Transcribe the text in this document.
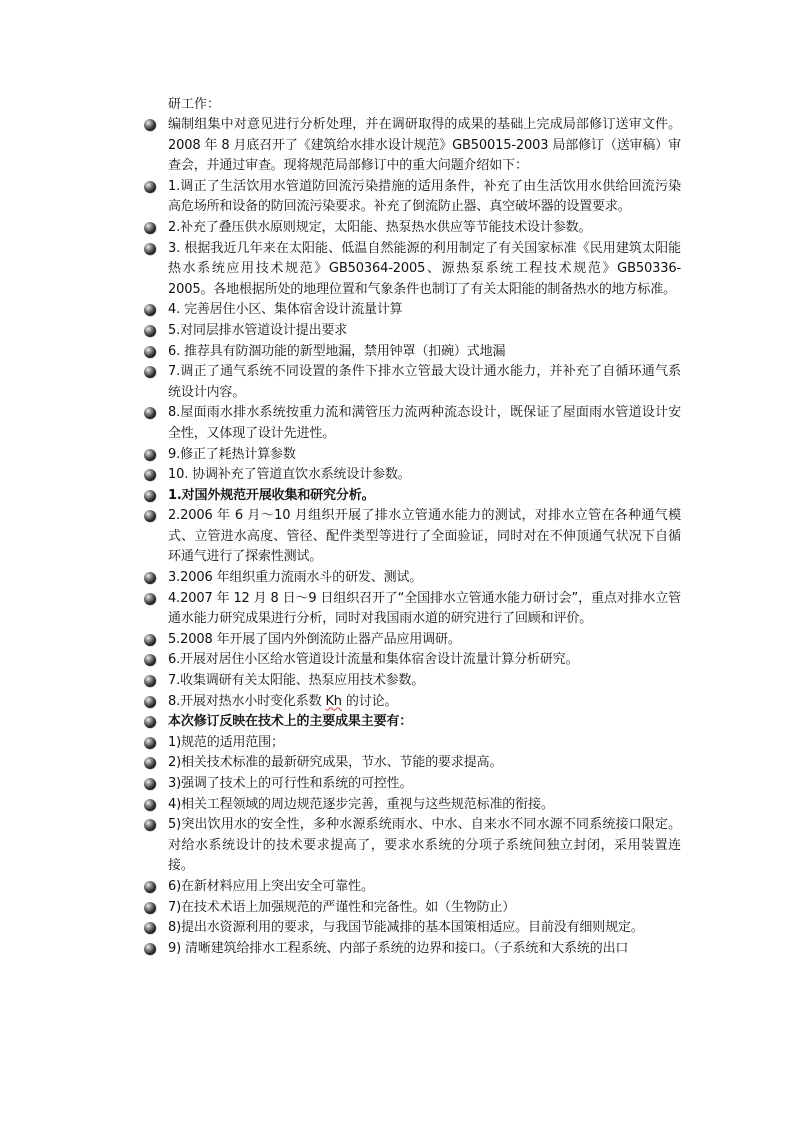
研工作：
编制组集中对意见进行分析处理，并在调研取得的成果的基础上完成局部修订送审文件。2008 年 8 月底召开了《建筑给水排水设计规范》GB50015-2003 局部修订（送审稿）审查会，并通过审查。现将规范局部修订中的重大问题介绍如下：
1.调正了生活饮用水管道防回流污染措施的适用条件，补充了由生活饮用水供给回流污染高危场所和设备的防回流污染要求。补充了倒流防止器、真空破坏器的设置要求。
2.补充了叠压供水原则规定，太阳能、热泵热水供应等节能技术设计参数。
3. 根据我近几年来在太阳能、低温自然能源的利用制定了有关国家标准《民用建筑太阳能热水系统应用技术规范》GB50364-2005、源热泵系统工程技术规范》GB50336-2005。各地根据所处的地理位置和气象条件也制订了有关太阳能的制备热水的地方标准。
4. 完善居住小区、集体宿舍设计流量计算
5.对同层排水管道设计提出要求
6. 推荐具有防涸功能的新型地漏，禁用钟罩（扣碗）式地漏
7.调正了通气系统不同设置的条件下排水立管最大设计通水能力，并补充了自循环通气系统设计内容。
8.屋面雨水排水系统按重力流和满管压力流两种流态设计，既保证了屋面雨水管道设计安全性，又体现了设计先进性。
9.修正了耗热计算参数
10. 协调补充了管道直饮水系统设计参数。
1.对国外规范开展收集和研究分析。
2.2006 年 6 月～10 月组织开展了排水立管通水能力的测试，对排水立管在各种通气模式、立管进水高度、管径、配件类型等进行了全面验证，同时对在不伸顶通气状况下自循环通气进行了探索性测试。
3.2006 年组织重力流雨水斗的研发、测试。
4.2007 年 12 月 8 日～9 日组织召开了“全国排水立管通水能力研讨会”，重点对排水立管通水能力研究成果进行分析，同时对我国雨水道的研究进行了回顾和评价。
5.2008 年开展了国内外倒流防止器产品应用调研。
6.开展对居住小区给水管道设计流量和集体宿舍设计流量计算分析研究。
7.收集调研有关太阳能、热泵应用技术参数。
8.开展对热水小时变化系数 Kh 的讨论。
本次修订反映在技术上的主要成果主要有：
1)规范的适用范围；
2)相关技术标准的最新研究成果，节水、节能的要求提高。
3)强调了技术上的可行性和系统的可控性。
4)相关工程领域的周边规范逐步完善，重视与这些规范标准的衔接。
5)突出饮用水的安全性，多种水源系统雨水、中水、自来水不同水源不同系统接口限定。对给水系统设计的技术要求提高了，要求水系统的分项子系统间独立封闭，采用装置连接。
6)在新材料应用上突出安全可靠性。
7)在技术术语上加强规范的严谨性和完备性。如（生物防止）
8)提出水资源利用的要求，与我国节能减排的基本国策相适应。目前没有细则规定。
9) 清晰建筑给排水工程系统、内部子系统的边界和接口。（子系统和大系统的出口
